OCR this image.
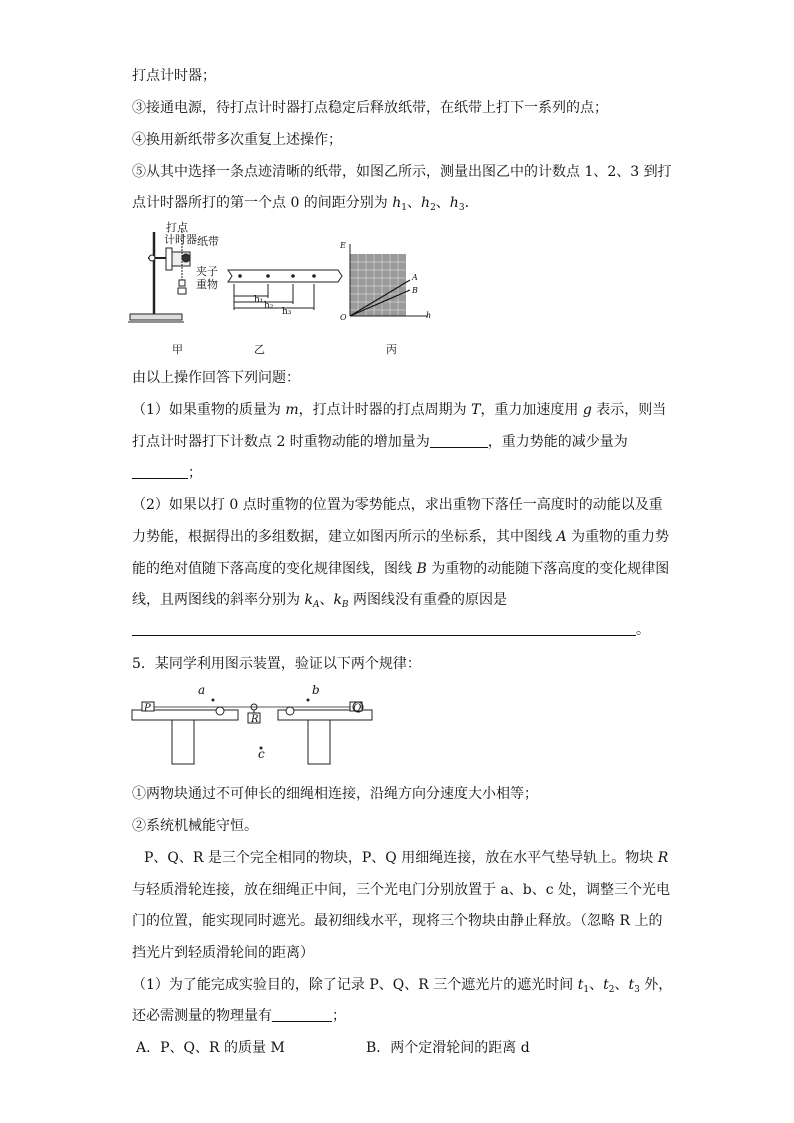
打点计时器；
③接通电源，待打点计时器打点稳定后释放纸带，在纸带上打下一系列的点；
④换用新纸带多次重复上述操作；
⑤从其中选择一条点迹清晰的纸带，如图乙所示，测量出图乙中的计数点 1、2、3 到打
点计时器所打的第一个点 0 的间距分别为 $h_1$、$h_2$、$h_3$.
打点
计时器 纸带
夹子
重物
h₁
h₂
h₃
E
A
B
O	h
甲	乙	丙
由以上操作回答下列问题：
（1）如果重物的质量为 m，打点计时器的打点周期为 T，重力加速度用 g 表示，则当
打点计时器打下计数点 2 时重物动能的增加量为	，重力势能的减少量为
；
（2）如果以打 0 点时重物的位置为零势能点，求出重物下落任一高度时的动能以及重
力势能，根据得出的多组数据，建立如图丙所示的坐标系，其中图线 A 为重物的重力势
能的绝对值随下落高度的变化规律图线，图线 B 为重物的动能随下落高度的变化规律图
线，且两图线的斜率分别为 $k_A$、$k_B$ 两图线没有重叠的原因是
。
5．某同学利用图示装置，验证以下两个规律：
a	b
c
P	Q
R
①两物块通过不可伸长的细绳相连接，沿绳方向分速度大小相等；
②系统机械能守恒。
P、Q、R 是三个完全相同的物块，P、Q 用细绳连接，放在水平气垫导轨上。物块 R
与轻质滑轮连接，放在细绳正中间，三个光电门分别放置于 a、b、c 处，调整三个光电
门的位置，能实现同时遮光。最初细线水平，现将三个物块由静止释放。（忽略 R 上的
挡光片到轻质滑轮间的距离）
（1）为了能完成实验目的，除了记录 P、Q、R 三个遮光片的遮光时间 $t_1$、$t_2$、$t_3$ 外，
还必需测量的物理量有	；
A．P、Q、R 的质量 M	B．两个定滑轮间的距离 d
